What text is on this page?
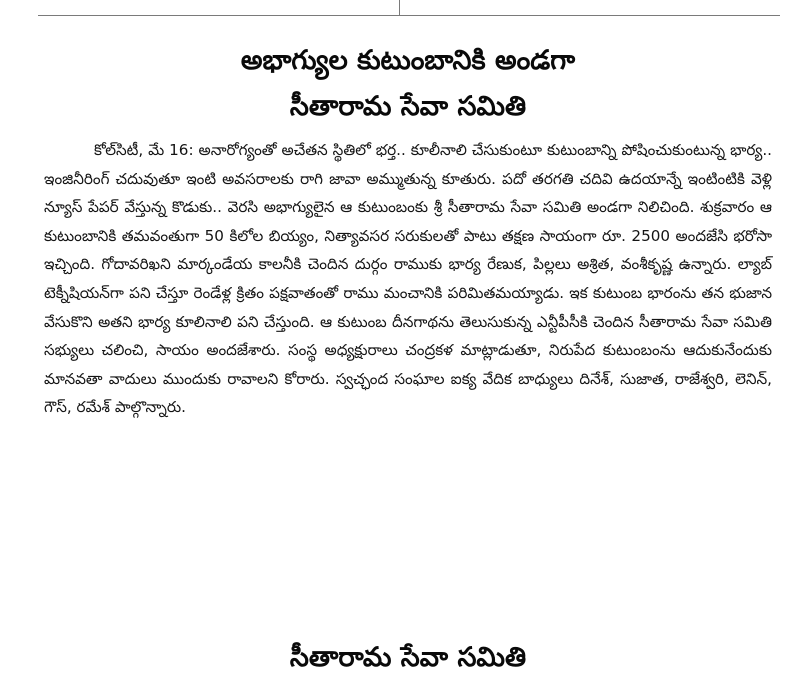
అభాగ్యుల కుటుంబానికి అండగా
సీతారామ సేవా సమితి

కోల్‌సిటీ, మే 16: అనారోగ్యంతో అచేతన స్థితిలో భర్త.. కూలీనాలి చేసుకుంటూ కుటుంబాన్ని పోషించుకుంటున్న భార్య.. ఇంజినీరింగ్‌ చదువుతూ ఇంటి అవసరాలకు రాగి జావా అమ్ముతున్న కూతురు. పదో తరగతి చదివి ఉదయాన్నే ఇంటింటికి వెళ్లి న్యూస్‌ పేపర్‌ వేస్తున్న కొడుకు.. వెరసి అభాగ్యులైన ఆ కుటుంబంకు శ్రీ సీతారామ సేవా సమితి అండగా నిలిచింది. శుక్రవారం ఆ కుటుంబానికి తమవంతుగా 50 కిలోల బియ్యం, నిత్యావసర సరుకులతో పాటు తక్షణ సాయంగా రూ. 2500 అందజేసి భరోసా ఇచ్చింది. గోదావరిఖని మార్కండేయ కాలనీకి చెందిన దుర్గం రాముకు భార్య రేణుక, పిల్లలు అశ్రిత, వంశీకృష్ణ ఉన్నారు. ల్యాబ్‌ టెక్నీషియన్‌గా పని చేస్తూ రెండేళ్ల క్రితం పక్షవాతంతో రాము మంచానికి పరిమితమయ్యాడు. ఇక కుటుంబ భారంను తన భుజాన వేసుకొని అతని భార్య కూలినాలి పని చేస్తుంది. ఆ కుటుంబ దీనగాథను తెలుసుకున్న ఎన్టీపీసీకి చెందిన సీతారామ సేవా సమితి సభ్యులు చలించి, సాయం అందజేశారు. సంస్థ అధ్యక్షురాలు చంద్రకళ మాట్లాడుతూ, నిరుపేద కుటుంబంను ఆదుకునేందుకు మానవతా వాదులు ముందుకు రావాలని కోరారు. స్వచ్ఛంద సంఘాల ఐక్య వేదిక బాధ్యులు దినేశ్‌, సుజాత, రాజేశ్వరి, లెనిన్‌, గౌస్‌, రమేశ్‌ పాల్గొన్నారు.

సీతారామ సేవా సమితి
